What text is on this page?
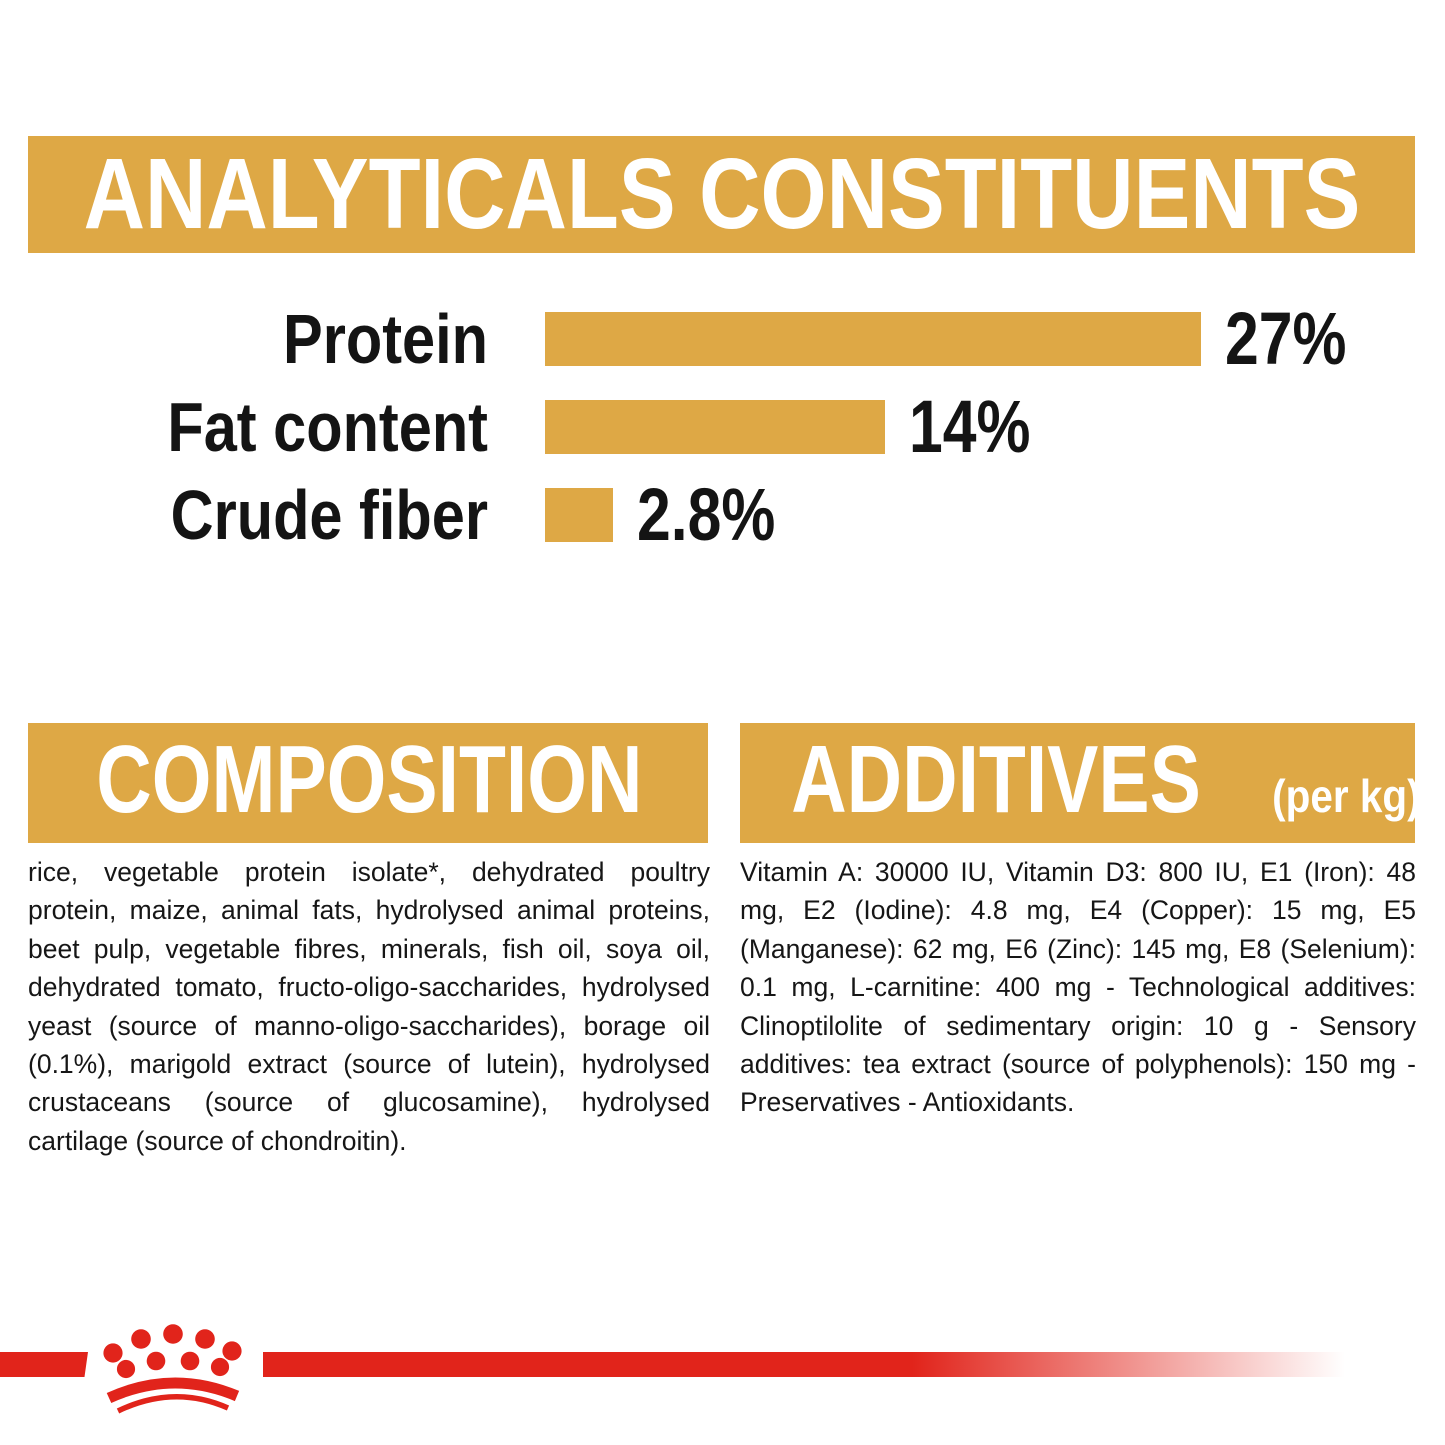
ANALYTICALS CONSTITUENTS
Protein	27%
Fat content	14%
Crude fiber 2.8%
COMPOSITION

rice, vegetable protein isolate*, dehydrated poultry protein, maize, animal fats, hydrolysed animal proteins, beet pulp, vegetable fibres, minerals, fish oil, soya oil, dehydrated tomato, fructo-oligo-saccharides, hydrolysed yeast (source of manno-oligo-saccharides), borage oil (0.1%), marigold extract (source of lutein), hydrolysed crustaceans (source of glucosamine), hydrolysed cartilage (source of chondroitin).

ADDITIVES (per kg)

Vitamin A: 30000 IU, Vitamin D3: 800 IU, E1 (Iron): 48 mg, E2 (Iodine): 4.8 mg, E4 (Copper): 15 mg, E5 (Manganese): 62 mg, E6 (Zinc): 145 mg, E8 (Selenium): 0.1 mg, L-carnitine: 400 mg - Technological additives: Clinoptilolite of sedimentary origin: 10 g - Sensory additives: tea extract (source of polyphenols): 150 mg - Preservatives - Antioxidants.
